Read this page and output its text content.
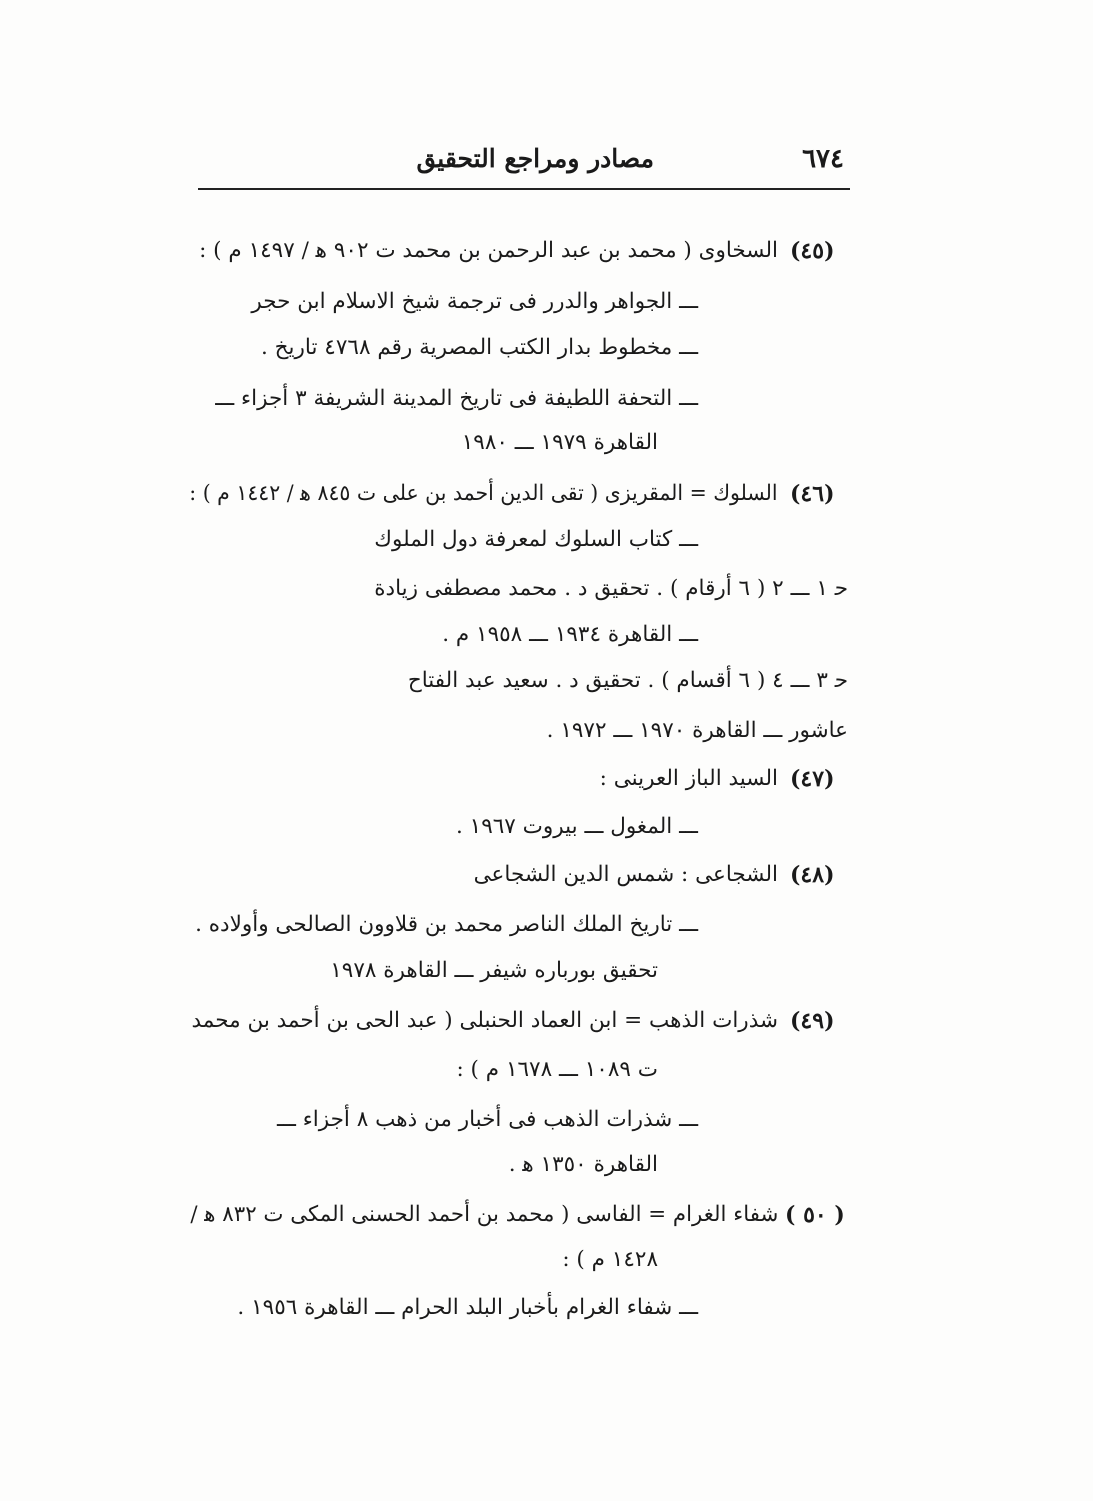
٦٧٤
مصادر ومراجع التحقيق
(٤٥)
السخاوى ( محمد بن عبد الرحمن بن محمد ت ٩٠٢ ﻫ / ١٤٩٧ م ) :
ـــ الجواهر والدرر فى ترجمة شيخ الاسلام ابن حجر
ـــ مخطوط بدار الكتب المصرية رقم ٤٧٦٨ تاريخ .
ـــ التحفة اللطيفة فى تاريخ المدينة الشريفة ٣ أجزاء ـــ
القاهرة ١٩٧٩ ـــ ١٩٨٠
(٤٦)
السلوك = المقريزى ( تقى الدين أحمد بن على ت ٨٤٥ ﻫ / ١٤٤٢ م ) :
ـــ كتاب السلوك لمعرفة دول الملوك
ﺣ ١ ـــ ٢ ( ٦ أرقام ) . تحقيق د . محمد مصطفى زيادة
ـــ القاهرة ١٩٣٤ ـــ ١٩٥٨ م .
ﺣ ٣ ـــ ٤ ( ٦ أقسام ) . تحقيق د . سعيد عبد الفتاح
عاشور ـــ القاهرة ١٩٧٠ ـــ ١٩٧٢ .
(٤٧)
السيد الباز العرينى :
ـــ المغول ـــ بيروت ١٩٦٧ .
(٤٨)
الشجاعى : شمس الدين الشجاعى
ـــ تاريخ الملك الناصر محمد بن قلاوون الصالحى وأولاده .
تحقيق بورباره شيفر ـــ القاهرة ١٩٧٨
(٤٩)
شذرات الذهب = ابن العماد الحنبلى ( عبد الحى بن أحمد بن محمد
ت ١٠٨٩ ـــ ١٦٧٨ م ) :
ـــ شذرات الذهب فى أخبار من ذهب ٨ أجزاء ـــ
القاهرة ١٣٥٠ ﻫ .
( ٥٠ )
شفاء الغرام = الفاسى ( محمد بن أحمد الحسنى المكى ت ٨٣٢ ﻫ /
١٤٢٨ م ) :
ـــ شفاء الغرام بأخبار البلد الحرام ـــ القاهرة ١٩٥٦ .
